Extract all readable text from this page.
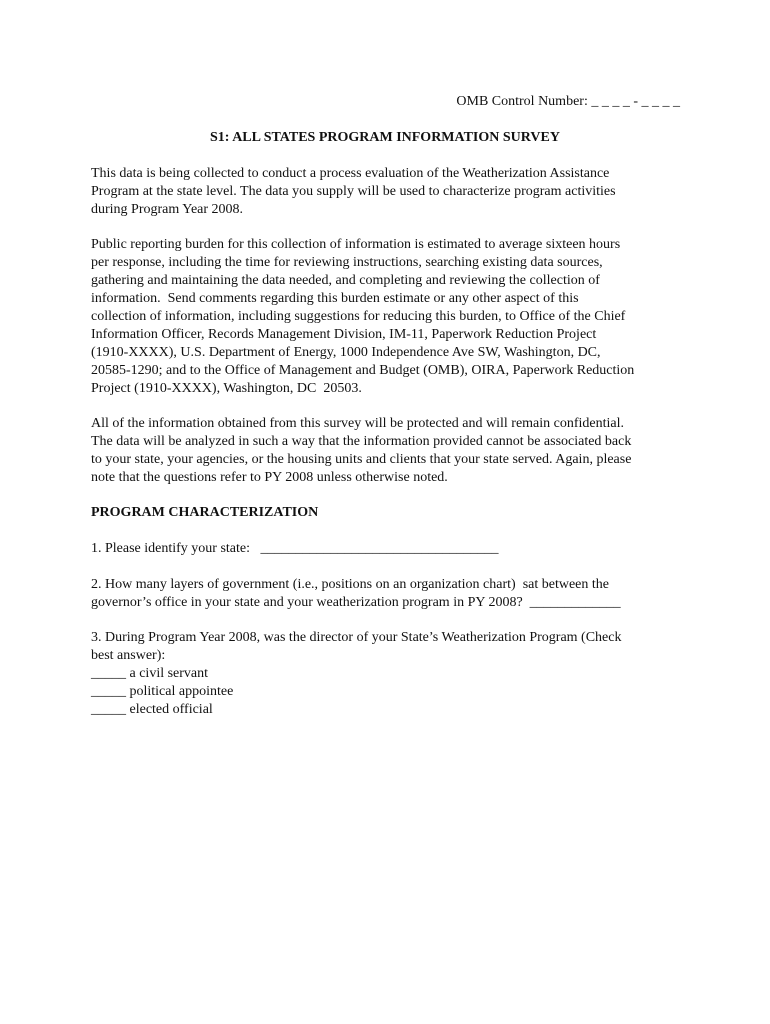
OMB Control Number: _ _ _ _ - _ _ _ _
S1: ALL STATES PROGRAM INFORMATION SURVEY
This data is being collected to conduct a process evaluation of the Weatherization Assistance
Program at the state level. The data you supply will be used to characterize program activities
during Program Year 2008.
Public reporting burden for this collection of information is estimated to average sixteen hours
per response, including the time for reviewing instructions, searching existing data sources,
gathering and maintaining the data needed, and completing and reviewing the collection of
information.  Send comments regarding this burden estimate or any other aspect of this
collection of information, including suggestions for reducing this burden, to Office of the Chief
Information Officer, Records Management Division, IM-11, Paperwork Reduction Project
(1910-XXXX), U.S. Department of Energy, 1000 Independence Ave SW, Washington, DC,
20585-1290; and to the Office of Management and Budget (OMB), OIRA, Paperwork Reduction
Project (1910-XXXX), Washington, DC  20503.
All of the information obtained from this survey will be protected and will remain confidential.
The data will be analyzed in such a way that the information provided cannot be associated back
to your state, your agencies, or the housing units and clients that your state served. Again, please
note that the questions refer to PY 2008 unless otherwise noted.
PROGRAM CHARACTERIZATION
1. Please identify your state:   __________________________________
2. How many layers of government (i.e., positions on an organization chart)  sat between the
governor’s office in your state and your weatherization program in PY 2008?  _____________
3. During Program Year 2008, was the director of your State’s Weatherization Program (Check
best answer):
_____ a civil servant
_____ political appointee
_____ elected official
